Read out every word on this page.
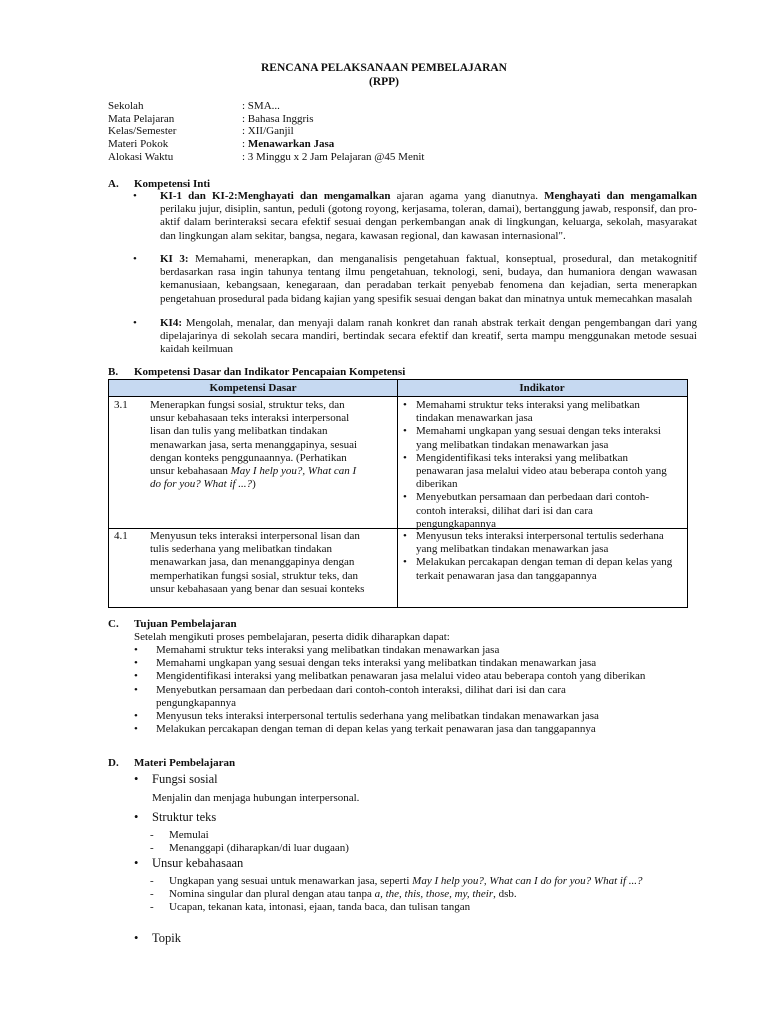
RENCANA PELAKSANAAN PEMBELAJARAN
(RPP)
Sekolah	: SMA...
Mata Pelajaran	: Bahasa Inggris
Kelas/Semester	: XII/Ganjil
Materi Pokok	: Menawarkan Jasa
Alokasi Waktu	: 3 Minggu x 2 Jam Pelajaran @45 Menit
A. Kompetensi Inti
• KI-1 dan KI-2:Menghayati dan mengamalkan ajaran agama yang dianutnya. Menghayati dan mengamalkan perilaku jujur, disiplin, santun, peduli (gotong royong, kerjasama, toleran, damai), bertanggung jawab, responsif, dan pro-aktif dalam berinteraksi secara efektif sesuai dengan perkembangan anak di lingkungan, keluarga, sekolah, masyarakat dan lingkungan alam sekitar, bangsa, negara, kawasan regional, dan kawasan internasional".
• KI 3: Memahami, menerapkan, dan menganalisis pengetahuan faktual, konseptual, prosedural, dan metakognitif berdasarkan rasa ingin tahunya tentang ilmu pengetahuan, teknologi, seni, budaya, dan humaniora dengan wawasan kemanusiaan, kebangsaan, kenegaraan, dan peradaban terkait penyebab fenomena dan kejadian, serta menerapkan pengetahuan prosedural pada bidang kajian yang spesifik sesuai dengan bakat dan minatnya untuk memecahkan masalah
• KI4: Mengolah, menalar, dan menyaji dalam ranah konkret dan ranah abstrak terkait dengan pengembangan dari yang dipelajarinya di sekolah secara mandiri, bertindak secara efektif dan kreatif, serta mampu menggunakan metode sesuai kaidah keilmuan
B. Kompetensi Dasar dan Indikator Pencapaian Kompetensi
Kompetensi Dasar	Indikator
3.1 Menerapkan fungsi sosial, struktur teks, dan unsur kebahasaan teks interaksi interpersonal lisan dan tulis yang melibatkan tindakan menawarkan jasa, serta menanggapinya, sesuai dengan konteks penggunaannya. (Perhatikan unsur kebahasaan May I help you?, What can I do for you? What if ...?)
• Memahami struktur teks interaksi yang melibatkan tindakan menawarkan jasa
• Memahami ungkapan yang sesuai dengan teks interaksi yang melibatkan tindakan menawarkan jasa
• Mengidentifikasi teks interaksi yang melibatkan penawaran jasa melalui video atau beberapa contoh yang diberikan
• Menyebutkan persamaan dan perbedaan dari contoh-contoh interaksi, dilihat dari isi dan cara pengungkapannya
4.1 Menyusun teks interaksi interpersonal lisan dan tulis sederhana yang melibatkan tindakan menawarkan jasa, dan menanggapinya dengan memperhatikan fungsi sosial, struktur teks, dan unsur kebahasaan yang benar dan sesuai konteks
• Menyusun teks interaksi interpersonal tertulis sederhana yang melibatkan tindakan menawarkan jasa
• Melakukan percakapan dengan teman di depan kelas yang terkait penawaran jasa dan tanggapannya
C. Tujuan Pembelajaran
Setelah mengikuti proses pembelajaran, peserta didik diharapkan dapat:
• Memahami struktur teks interaksi yang melibatkan tindakan menawarkan jasa
• Memahami ungkapan yang sesuai dengan teks interaksi yang melibatkan tindakan menawarkan jasa
• Mengidentifikasi interaksi yang melibatkan penawaran jasa melalui video atau beberapa contoh yang diberikan
• Menyebutkan persamaan dan perbedaan dari contoh-contoh interaksi, dilihat dari isi dan cara pengungkapannya
• Menyusun teks interaksi interpersonal tertulis sederhana yang melibatkan tindakan menawarkan jasa
• Melakukan percakapan dengan teman di depan kelas yang terkait penawaran jasa dan tanggapannya
D. Materi Pembelajaran
• Fungsi sosial
Menjalin dan menjaga hubungan interpersonal.
• Struktur teks
- Memulai
- Menanggapi (diharapkan/di luar dugaan)
• Unsur kebahasaan
- Ungkapan yang sesuai untuk menawarkan jasa, seperti May I help you?, What can I do for you? What if ...?
- Nomina singular dan plural dengan atau tanpa a, the, this, those, my, their, dsb.
- Ucapan, tekanan kata, intonasi, ejaan, tanda baca, dan tulisan tangan
• Topik
